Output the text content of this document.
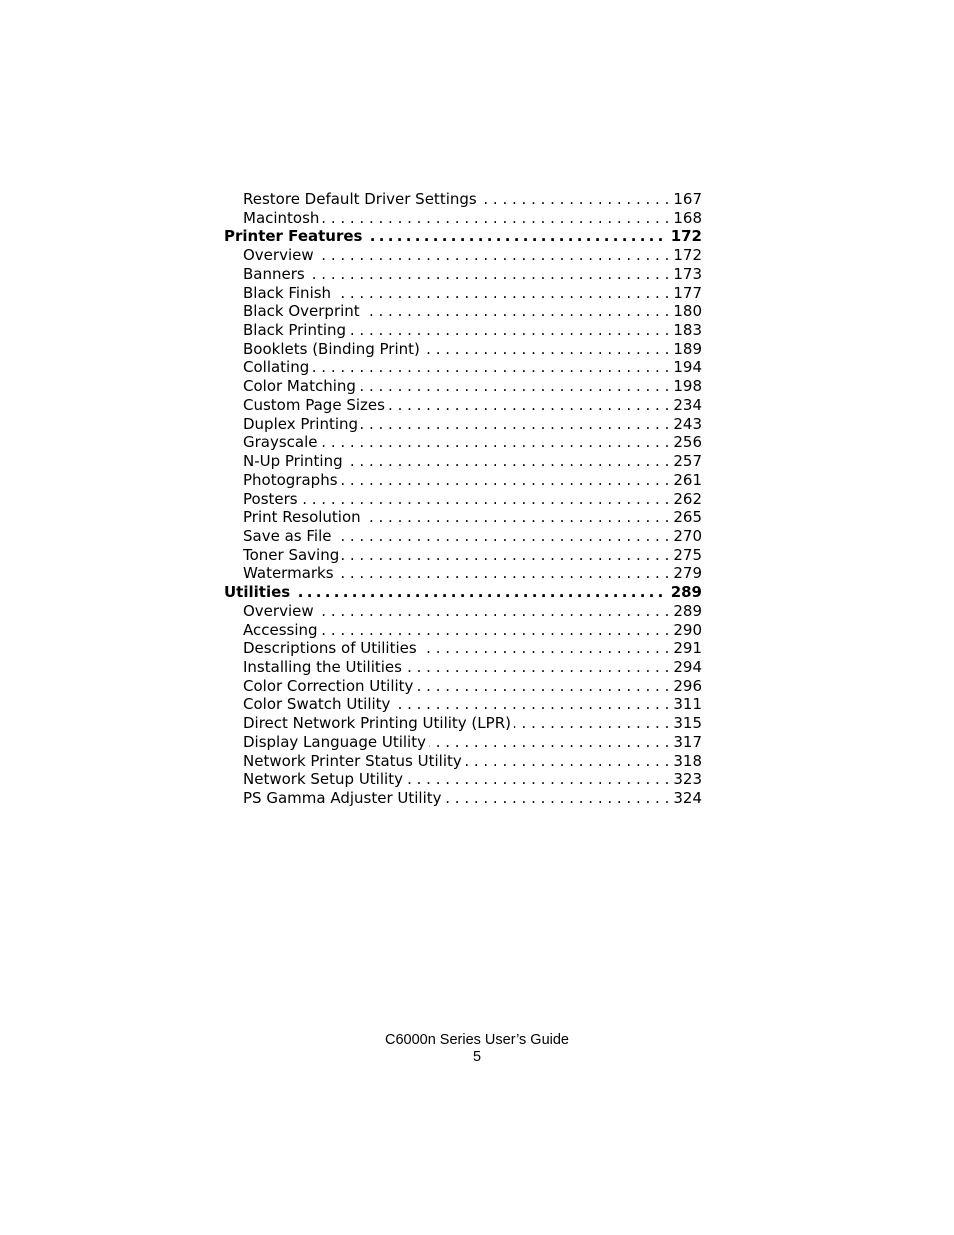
Restore Default Driver Settings . . .	167
Macintosh . . .	168
Printer Features .....	172
Overview . . .	172
Banners . . .	173
Black Finish . . .	177
Black Overprint . . .	180
Black Printing . . .	183
Booklets (Binding Print) . . .	189
Collating . . .	194
Color Matching . . .	198
Custom Page Sizes . . .	234
Duplex Printing . . .	243
Grayscale . . .	256
N-Up Printing . . .	257
Photographs . . .	261
Posters . . .	262
Print Resolution . . .	265
Save as File . . .	270
Toner Saving . . .	275
Watermarks . . .	279
Utilities .....	289
Overview . . .	289
Accessing . . .	290
Descriptions of Utilities . . .	291
Installing the Utilities . . .	294
Color Correction Utility . . .	296
Color Swatch Utility . . .	311
Direct Network Printing Utility (LPR) . . .	315
Display Language Utility . . .	317
Network Printer Status Utility . . .	318
Network Setup Utility . . .	323
PS Gamma Adjuster Utility . . .	324
C6000n Series User’s Guide
5
